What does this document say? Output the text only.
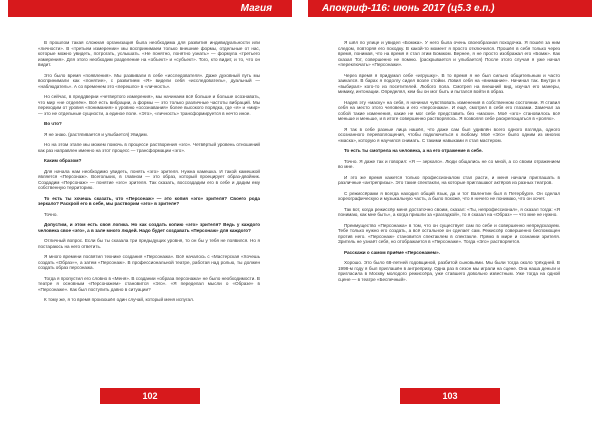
Магия

В прошлом такая сложная организация была необходима для развития индивидуальности или «личности». В «третьем измерении» мы воспринимаем только внешние формы, отдельные от нас, которые можно увидеть, потрогать, услышать. «Не понятно, понятно узнать» — формула «третьего измерения». Для этого необходим разделение на «объект» и «субъект». Того, кто видит, и то, что он видит.

Это было время «появления». Мы развивали в себе «исследователя». Даже духовный путь мы воспринимали как «понятие», с развитием «Я» видели себя «исследователь», дуальный — «наблюдатель». А со временем это «перешло» в «личность».

Но сейчас, в преддверии «четвертого измерения», мы начинаем всё больше и больше осознавать, что мир «не отделён». Всё есть вибрации, а формы — это только различные частоты вибраций. Мы переходим от уровня «понимания» к уровню «осознавания» более высокого порядка, где «я» и «мир» — это не отдельные сущности, а единое поле. «Это», «личность» трансформируется в нечто иное.

Во что?

Я не знаю. (растягивается и улыбается) Увидим.

Но на этом этапе мы можем помочь в процессе растворения «эго». Четвёртый уровень отношений как раз направлен именно на этот процесс — трансформации «эго».

Каким образом?

Для начала нам необходимо увидеть, понять «эго» зрителя. Нужна камешка. И такой камешкой является «Персонаж». Всегольких, в главном — это образ, который проецирует образ-двойник. Создадим «Персонаж» — понятие «эго» зрителя. Так сказать, воссоздадим его в себе и дадим ему собственную территорию.

То есть ты хочешь сказать, что «Персонаж» — это копия «эго» зрителя? Своего рода зеркало? Раскрой его в себе, мы растворим «эго» в зрителе?

Точно.

Допустим, и этом есть своя логика. Но как создать копию «эго» зрителя? Ведь у каждого человека свое «эго», а в зале много людей. Надо будет создавать «Персонаж» для каждого?

Отличный вопрос. Если бы ты сказала три предыдущих уровня, то он бы у тебя не появился. Но я постараюсь на него ответить.

Я много времени посвятил технике создания «Персонажа». Всё началось с «Мастерская «Хочешь создать «Образ»», а затем «Персонаж». В профессиональной театре, работая над ролью, ты должен создать образ персонажа.

Тогда я пропустил его словно в «Меня». В создании «образа персонажа» не было необходимости. В театре я основным «Персонажем» становится «Эго». «Я переделал мысли о «Образе» в «Персонаже». Как был поступить давно в ситуации?

К тому же, я то время произошёл один случай, который меня испугал.

102
Апокриф-116: июнь 2017 (ц5.3 е.п.)

Я шёл по улице и увидел «Бомжа». У него была очень своеобразная походочка. Я пошёл за ним следом, повторяя его походку. В какой-то момент я просто отключился. Прошёл в себя только через время, понимая, что на время я стал этим Бомжом. Вернее, я не просто изображал его «Бомж». Как сказал Тот, совершенно не помню. (раскрывается и улыбается) После этого случая я уже начал «переключать» «Персонажи».

Через время я придумал себе «игрушку». В то время я не был сильно общительным и часто заикался. В барах я подолгу сидел возле стойки. Ловил себя на «внимание». Начинал так. Внутри я «выбирал» кого-то из посетителей. Любого пола. Смотрел на внешний вид, изучал его манеры, мимику, интонации. Определял, кем бы он мог быть и пытался войти в образ.

Надев эту «маску» на себя, я начинал чувствовать изменения в собственном состоянии. Я ставил себя на место этого человека и его «персонажа». И ещё, смотрел в себя его глазами. Замечал за собой такие изменения, какие не мог себе представить без «маски». Моё «эго» становилось всё меньше и меньше, и в итоге совершенно растворялось. Я позволял себе раскрепощаться в «ролях».

Я так в себе разные лица нашёл, что даже сам был удивлён всего одного взгляда, одного осознанного перевоплощения, чтобы подключиться к любому. Моё «Эго» было одним из многих «маска», которую я научился снимать. С такими навыками я стал мастером.

То есть ты смотрела на человека, а на его отражение в себе.

Точно. Я даже так и говорил: «Я — зеркало». Люди общались не со мной, а со своим отражением во мне.

И это же время кажется только профессионалом стал расти, и меня начали приглашать в различные «антрепризы». Это такие спектакли, на которые приглашают актёров из разных театров.

С режиссёрами я всегда находил общий язык, да и тот Валентин был в Петербурге. Он сделал хореографическую и музыкальную часть, а было похоже, что я ничего не понимаю, что он хочет.

Так вот, когда режиссёр меня достаточно своим, сказал: «Ты, непрофессионал», я сказал тогда: «Я понимаю, как мне быть», а когда пришли за «разгадкой», то я сказал на «Образ» — что мне не нужно.

Преимущество «Персонажа» в том, что он существует сам по себе и совершенно непредсказуем. Тебе только нужно его создать, а всё остальное он сделает сам. Режиссёр совершенно беспомощен против него. «Персонаж» становится спектаклем в спектакле. Прямо в мире и сознании зрителя. Зритель не узнаёт себя, но отображается в «Персонаже». Тогда «Эго» растворяется.

Расскажи о самом приёме «Персонажем».

Хорошо. Это было 68-летней годовщиной, разбитой сыновьями. Мы были тогда около трёхдней. В 1998-м году я был приглашён в антрепризу. Одна раз в сезон мы играли на сцене. Она наша деньги и пригласила в Москву молодого режиссёра, уже ставшего довольно известным. Уже тогда на одной сцене — в театре «Беспечный».

103
